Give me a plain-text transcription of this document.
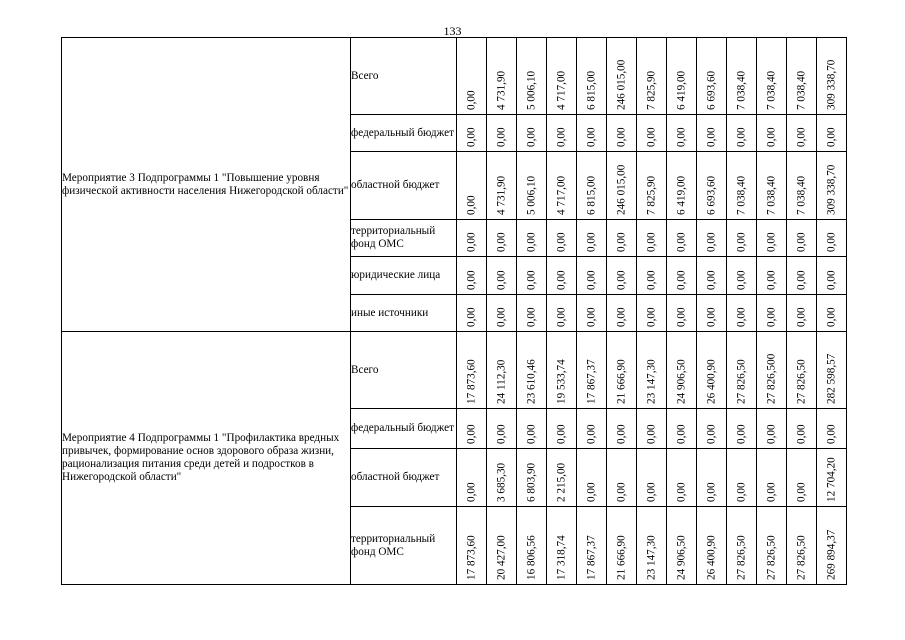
133
Мероприятие 3 Подпрограммы 1 "Повышение уровня физической активности населения Нижегородской области"	Всего	0,00	4 731,90	5 006,10	4 717,00	6 815,00	246 015,00	7 825,90	6 419,00	6 693,60	7 038,40	7 038,40	7 038,40	309 338,70

	федеральный бюджет	0,00	0,00	0,00	0,00	0,00	0,00	0,00	0,00	0,00	0,00	0,00	0,00	0,00

	областной бюджет	0,00	4 731,90	5 006,10	4 717,00	6 815,00	246 015,00	7 825,90	6 419,00	6 693,60	7 038,40	7 038,40	7 038,40	309 338,70

	территориальный фонд ОМС	0,00	0,00	0,00	0,00	0,00	0,00	0,00	0,00	0,00	0,00	0,00	0,00	0,00

	юридические лица	0,00	0,00	0,00	0,00	0,00	0,00	0,00	0,00	0,00	0,00	0,00	0,00	0,00

	иные источники	0,00	0,00	0,00	0,00	0,00	0,00	0,00	0,00	0,00	0,00	0,00	0,00	0,00

Мероприятие 4 Подпрограммы 1 "Профилактика вредных привычек, формирование основ здорового образа жизни, рационализация питания среди детей и подростков в Нижегородской области"	Всего	17 873,60	24 112,30	23 610,46	19 533,74	17 867,37	21 666,90	23 147,30	24 906,50	26 400,90	27 826,50	27 826,500	27 826,50	282 598,57

	федеральный бюджет	0,00	0,00	0,00	0,00	0,00	0,00	0,00	0,00	0,00	0,00	0,00	0,00	0,00

	областной бюджет	0,00	3 685,30	6 803,90	2 215,00	0,00	0,00	0,00	0,00	0,00	0,00	0,00	0,00	12 704,20

	территориальный фонд ОМС	17 873,60	20 427,00	16 806,56	17 318,74	17 867,37	21 666,90	23 147,30	24 906,50	26 400,90	27 826,50	27 826,50	27 826,50	269 894,37
